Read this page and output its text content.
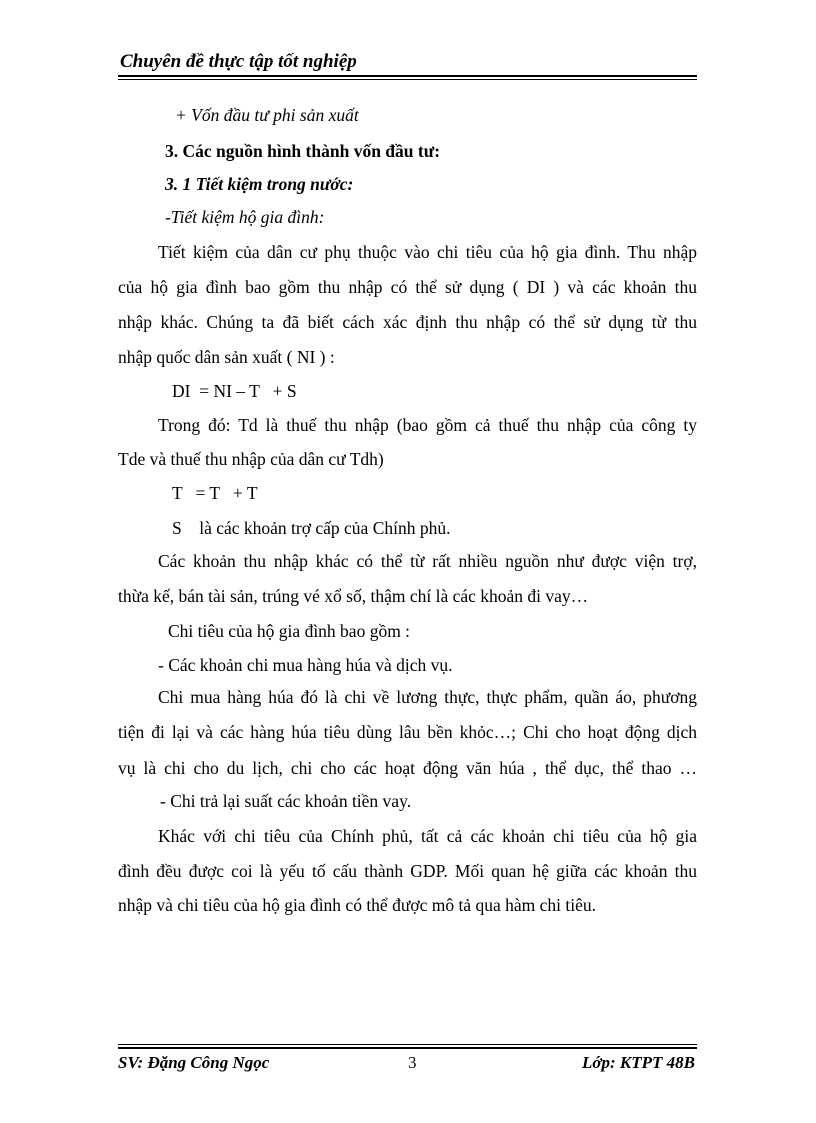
Chuyên đề thực tập tốt nghiệp
+ Vốn đầu tư phi sản xuất
3. Các nguồn hình thành vốn đầu tư:
3. 1 Tiết kiệm trong nước:
-Tiết kiệm hộ gia đình:
Tiết kiệm của dân cư phụ thuộc vào chi tiêu của hộ gia đình. Thu nhập
của hộ gia đình bao gồm thu nhập có thể sử dụng ( DI ) và các khoản thu
nhập khác. Chúng ta đã biết cách xác định thu nhập có thể sử dụng từ thu
nhập quốc dân sản xuất ( NI ) :
DI  = NI – T   + S
Trong đó: Td là thuế thu nhập (bao gồm cả thuế thu nhập của công ty
Tde và thuế thu nhập của dân cư Tdh)
T   = T   + T
S    là các khoản trợ cấp của Chính phủ.
Các khoản thu nhập khác có thể từ rất nhiều nguồn như được viện trợ,
thừa kế, bán tài sản, trúng vé xổ số, thậm chí là các khoản đi vay…
Chi tiêu của hộ gia đình bao gồm :
- Các khoản chi mua hàng húa và dịch vụ.
Chi mua hàng húa đó là chi về lương thực, thực phẩm, quần áo, phương
tiện đi lại và các hàng húa tiêu dùng lâu bền khỏc…; Chi cho hoạt động dịch
vụ là chi cho du lịch, chi cho các hoạt động văn húa , thể dục, thể thao …
- Chi trả lại suất các khoản tiền vay.
Khác với chi tiêu của Chính phủ, tất cả các khoản chi tiêu của hộ gia
đình đều được coi là yếu tố cấu thành GDP. Mối quan hệ giữa các khoản thu
nhập và chi tiêu của hộ gia đình có thể được mô tả qua hàm chi tiêu.
SV: Đặng Công Ngọc	3	Lớp: KTPT 48B
